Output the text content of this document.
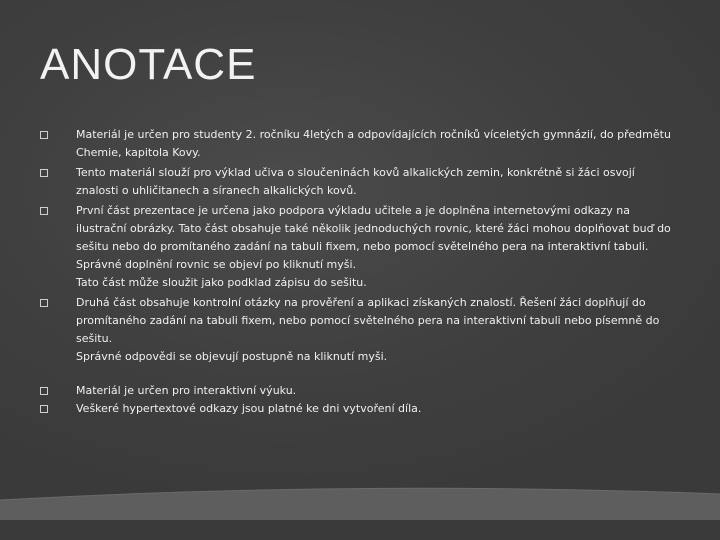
ANOTACE
Materiál je určen pro studenty 2. ročníku 4letých a odpovídajících ročníků víceletých gymnázií, do předmětu Chemie, kapitola Kovy.
Tento materiál slouží pro výklad učiva o sloučeninách kovů alkalických zemin, konkrétně si žáci osvojí znalosti o uhličitanech a síranech alkalických kovů.
První část prezentace je určena jako podpora výkladu učitele a je doplněna internetovými odkazy na ilustrační obrázky. Tato část obsahuje také několik jednoduchých rovnic, které žáci mohou doplňovat buď do sešitu nebo do promítaného zadání na tabuli fixem, nebo pomocí světelného pera na interaktivní tabuli.
Správné doplnění rovnic se objeví po kliknutí myši.
Tato část může sloužit jako podklad zápisu do sešitu.
Druhá část obsahuje kontrolní otázky na prověření a aplikaci získaných znalostí. Řešení žáci doplňují do promítaného zadání na tabuli fixem, nebo pomocí světelného pera na interaktivní tabuli nebo písemně do sešitu.
Správné odpovědi se objevují postupně na kliknutí myši.
Materiál je určen pro interaktivní výuku.
Veškeré hypertextové odkazy jsou platné ke dni vytvoření díla.
